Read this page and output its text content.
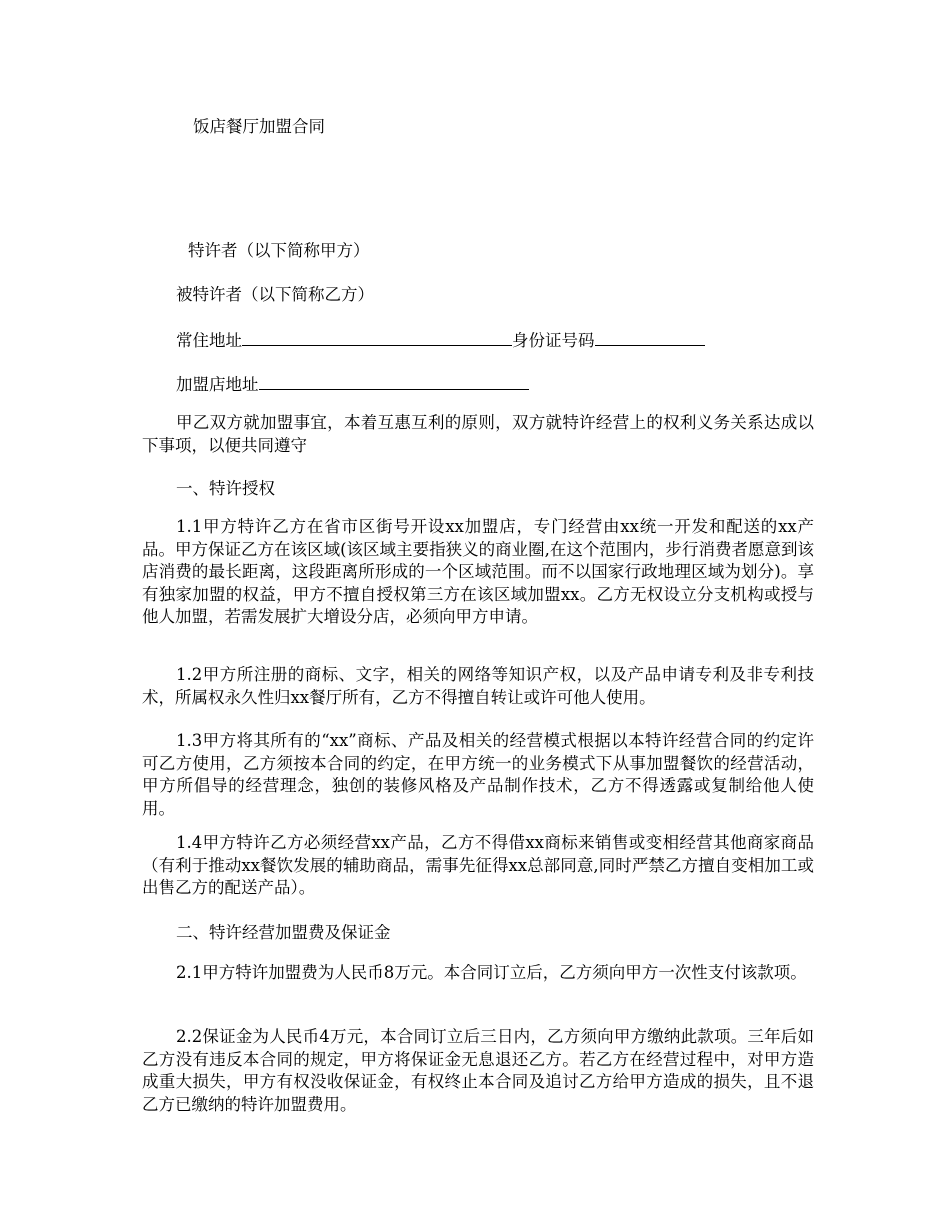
饭店餐厅加盟合同
特许者（以下简称甲方）
被特许者（以下简称乙方）
常住地址	身份证号码
加盟店地址

甲乙双方就加盟事宜，本着互惠互利的原则，双方就特许经营上的权利义务关系达成以下事项，以便共同遵守

一、特许授权

1.1甲方特许乙方在省市区街号开设xx加盟店，专门经营由xx统一开发和配送的xx产品。甲方保证乙方在该区域(该区域主要指狭义的商业圈,在这个范围内，步行消费者愿意到该店消费的最长距离，这段距离所形成的一个区域范围。而不以国家行政地理区域为划分)。享有独家加盟的权益，甲方不擅自授权第三方在该区域加盟xx。乙方无权设立分支机构或授与他人加盟，若需发展扩大增设分店，必须向甲方申请。

1.2甲方所注册的商标、文字，相关的网络等知识产权，以及产品申请专利及非专利技术，所属权永久性归xx餐厅所有，乙方不得擅自转让或许可他人使用。

1.3甲方将其所有的“xx”商标、产品及相关的经营模式根据以本特许经营合同的约定许可乙方使用，乙方须按本合同的约定，在甲方统一的业务模式下从事加盟餐饮的经营活动，甲方所倡导的经营理念，独创的装修风格及产品制作技术，乙方不得透露或复制给他人使用。

1.4甲方特许乙方必须经营xx产品，乙方不得借xx商标来销售或变相经营其他商家商品（有利于推动xx餐饮发展的辅助商品，需事先征得xx总部同意,同时严禁乙方擅自变相加工或出售乙方的配送产品）。

二、特许经营加盟费及保证金

2.1甲方特许加盟费为人民币8万元。本合同订立后，乙方须向甲方一次性支付该款项。

2.2保证金为人民币4万元，本合同订立后三日内，乙方须向甲方缴纳此款项。三年后如乙方没有违反本合同的规定，甲方将保证金无息退还乙方。若乙方在经营过程中，对甲方造成重大损失，甲方有权没收保证金，有权终止本合同及追讨乙方给甲方造成的损失，且不退乙方已缴纳的特许加盟费用。
